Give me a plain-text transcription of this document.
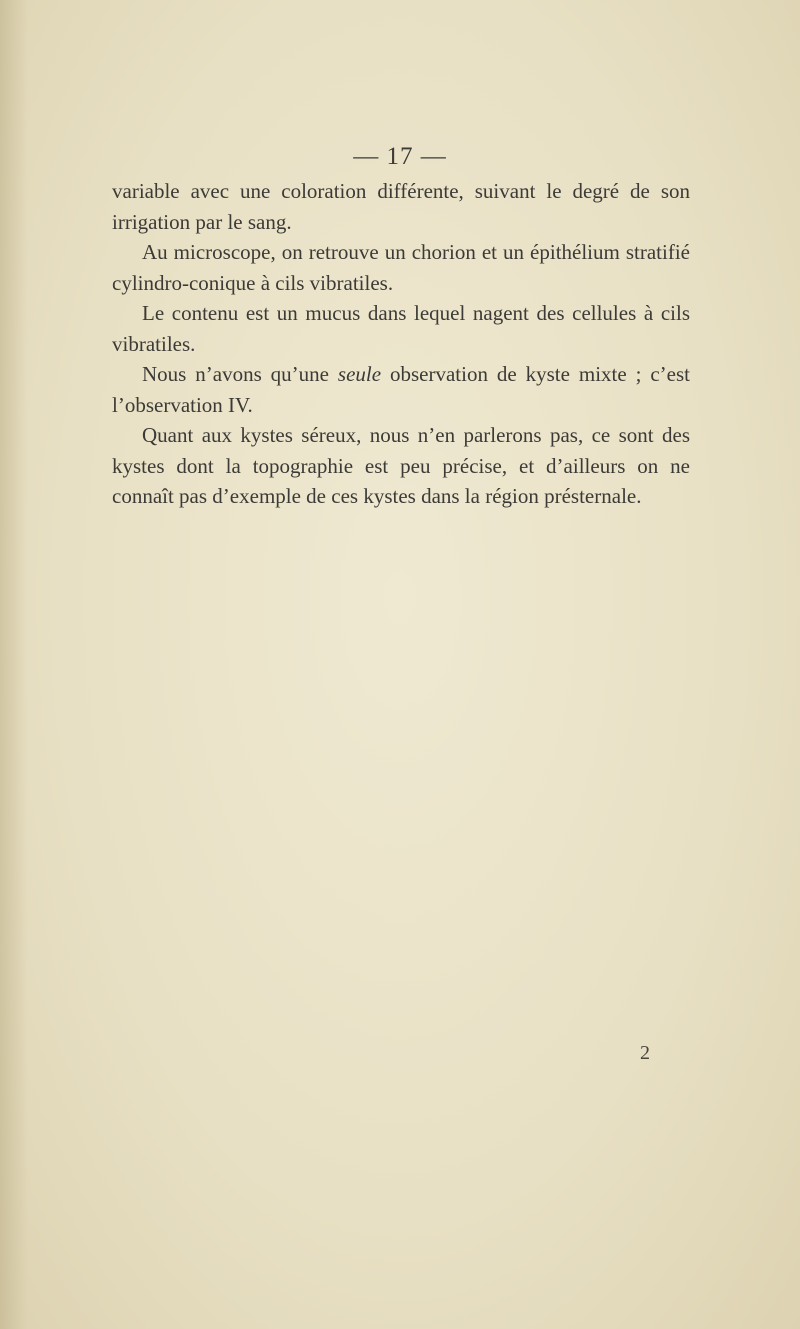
— 17 —

variable avec une coloration différente, suivant le degré de son irrigation par le sang.

Au microscope, on retrouve un chorion et un épithélium stratifié cylindro-conique à cils vibratiles.

Le contenu est un mucus dans lequel nagent des cellules à cils vibratiles.

Nous n’avons qu’une seule observation de kyste mixte ; c’est l’observation IV.

Quant aux kystes séreux, nous n’en parlerons pas, ce sont des kystes dont la topographie est peu précise, et d’ailleurs on ne connaît pas d’exemple de ces kystes dans la région présternale.

2
